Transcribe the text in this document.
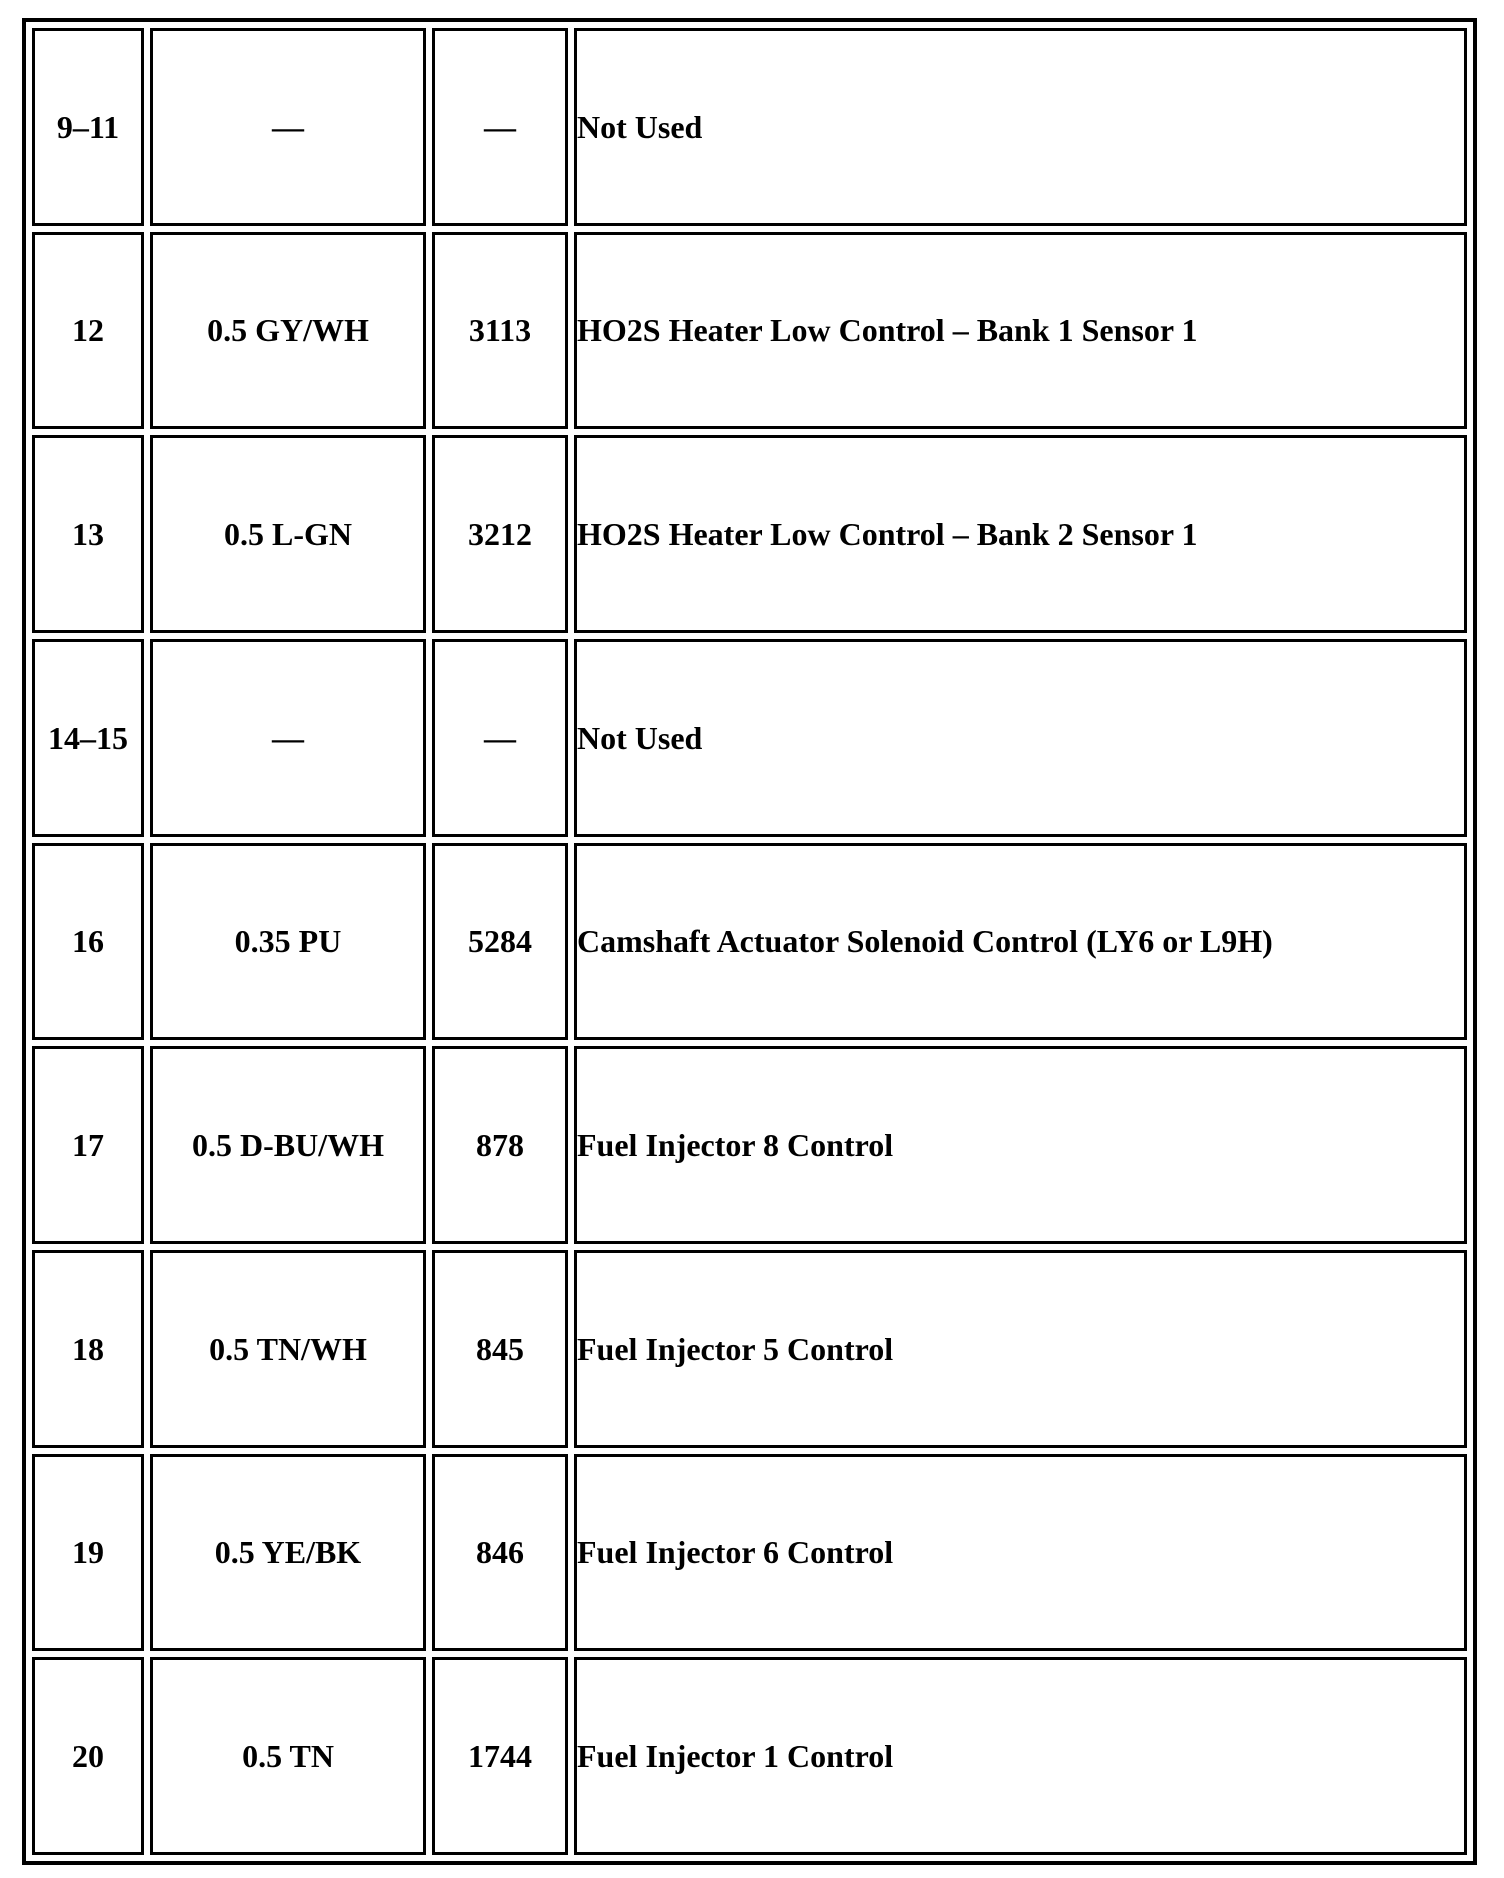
9–11	—	—	Not Used
12	0.5 GY/WH	3113	HO2S Heater Low Control – Bank 1 Sensor 1
13	0.5 L-GN	3212	HO2S Heater Low Control – Bank 2 Sensor 1
14–15	—	—	Not Used
16	0.35 PU	5284	Camshaft Actuator Solenoid Control (LY6 or L9H)
17	0.5 D-BU/WH	878	Fuel Injector 8 Control
18	0.5 TN/WH	845	Fuel Injector 5 Control
19	0.5 YE/BK	846	Fuel Injector 6 Control
20	0.5 TN	1744	Fuel Injector 1 Control
